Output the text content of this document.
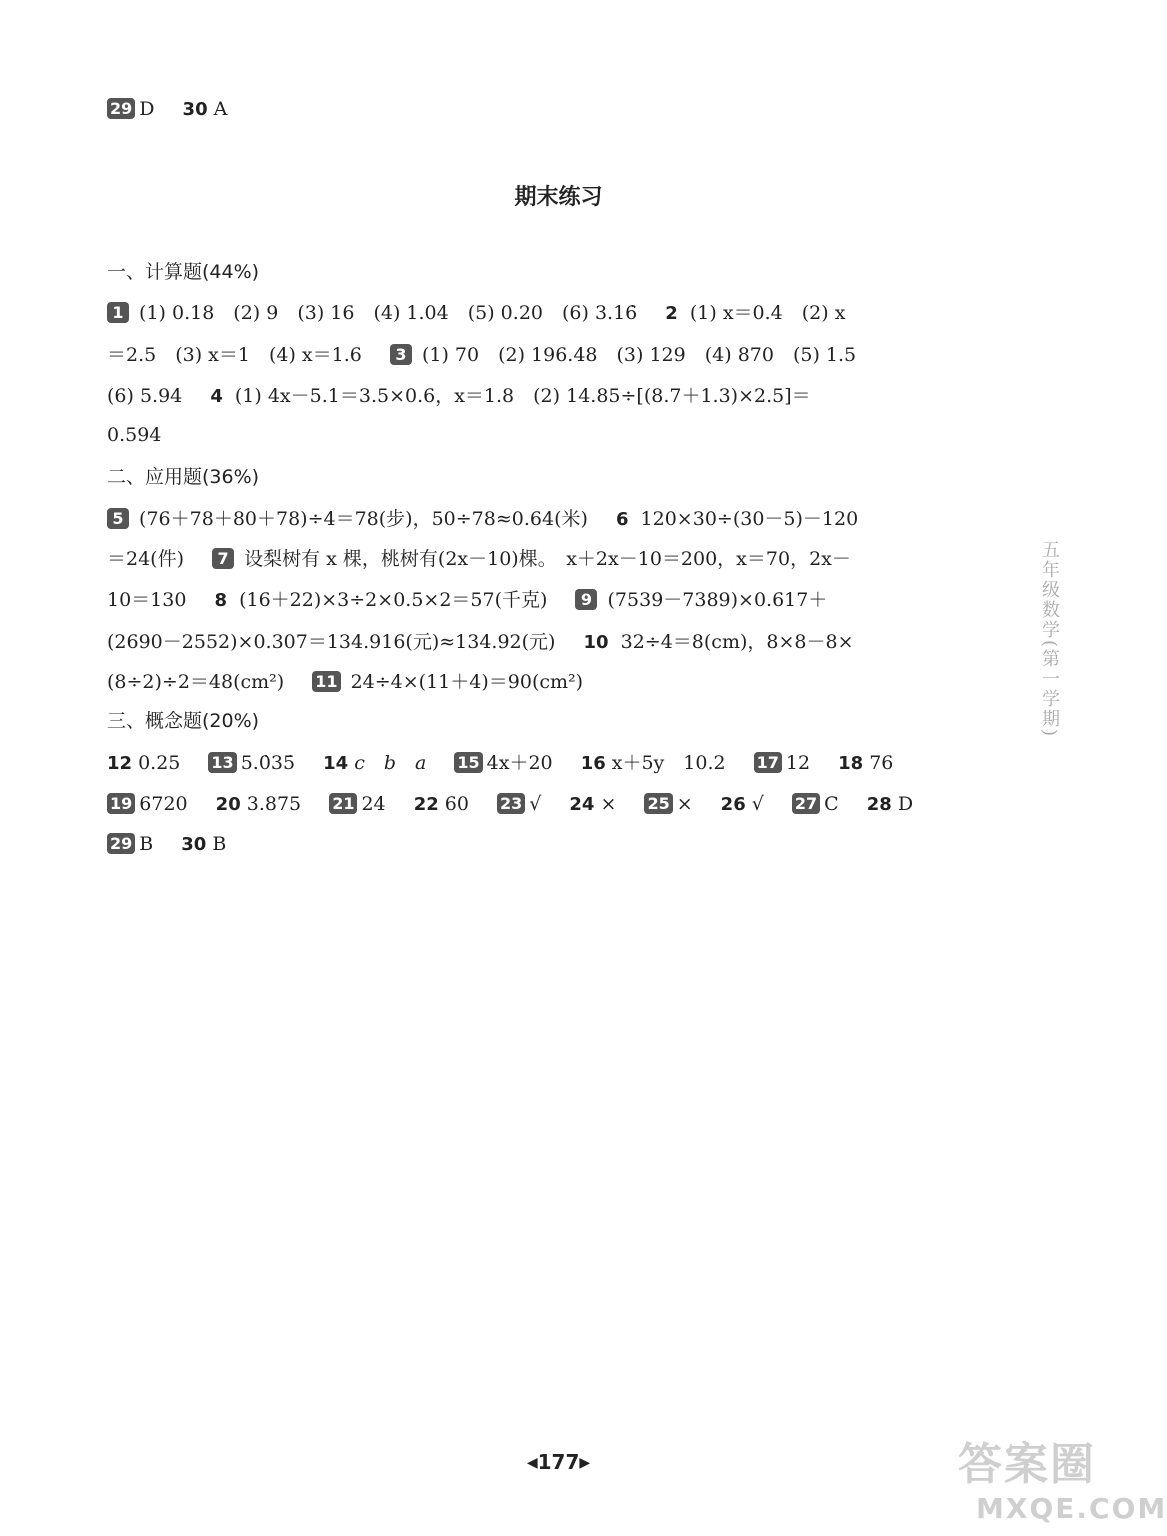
29 D 30 A
期末练习
一、计算题(44%)
1 (1) 0.18　(2) 9　(3) 16　(4) 1.04　(5) 0.20　(6) 3.16̇ 2 (1) x＝0.4　(2) x
＝2.5　(3) x＝1　(4) x＝1.6 3 (1) 70　(2) 196.48　(3) 129　(4) 870　(5) 1.5
(6) 5.94 4 (1) 4x－5.1＝3.5×0.6，x＝1.8　(2) 14.85÷[(8.7＋1.3)×2.5]＝
0.594
二、应用题(36%)
5 (76＋78＋80＋78)÷4＝78(步)，50÷78≈0.64(米) 6 120×30÷(30－5)－120
＝24(件) 7 设梨树有 x 棵，桃树有(2x－10)棵。　x＋2x－10＝200，x＝70，2x－
10＝130 8 (16＋22)×3÷2×0.5×2＝57(千克) 9 (7539－7389)×0.617＋
(2690－2552)×0.307＝134.916(元)≈134.92(元) 10 32÷4＝8(cm)，8×8－8×
(8÷2)÷2＝48(cm²) 11 24÷4×(11＋4)＝90(cm²)
三、概念题(20%)
12 0.25 13 5.0̇35̇ 14 c　b　a 15 4x＋20 16 x＋5y　10.2 17 12 18 76
19 6720 20 3.875 21 24 22 60 23 √ 24 × 25 × 26 √ 27 C 28 D
29 B 30 B
五年级数学(第一学期)
◀177▶	答案圈
MXQE.COM
